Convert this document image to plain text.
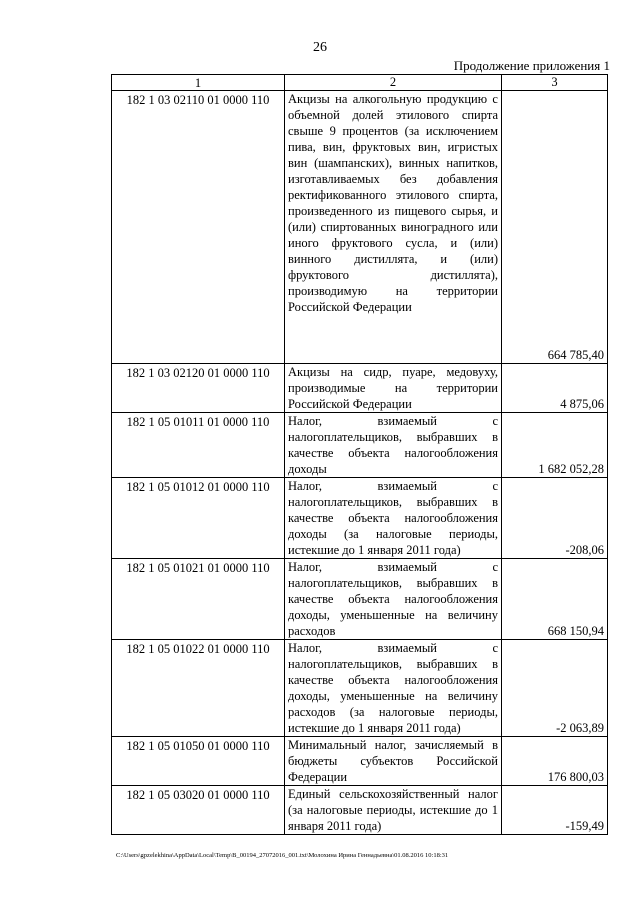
26
Продолжение приложения 1
1	2	3
182 1 03 02110 01 0000 110	Акцизы на алкогольную продукцию с объемной долей этилового спирта свыше 9 процентов (за исключением пива, вин, фруктовых вин, игристых вин (шампанских), винных напитков, изготавливаемых без добавления ректификованного этилового спирта, произведенного из пищевого сырья, и (или) спиртованных виноградного или иного фруктового сусла, и (или) винного дистиллята, и (или) фруктового дистиллята), производимую на территории Российской Федерации	664 785,40
182 1 03 02120 01 0000 110	Акцизы на сидр, пуаре, медовуху, производимые на территории Российской Федерации	4 875,06
182 1 05 01011 01 0000 110	Налог, взимаемый с налогоплательщиков, выбравших в качестве объекта налогообложения доходы	1 682 052,28
182 1 05 01012 01 0000 110	Налог, взимаемый с налогоплательщиков, выбравших в качестве объекта налогообложения доходы (за налоговые периоды, истекшие до 1 января 2011 года)	-208,06
182 1 05 01021 01 0000 110	Налог, взимаемый с налогоплательщиков, выбравших в качестве объекта налогообложения доходы, уменьшенные на величину расходов	668 150,94
182 1 05 01022 01 0000 110	Налог, взимаемый с налогоплательщиков, выбравших в качестве объекта налогообложения доходы, уменьшенные на величину расходов (за налоговые периоды, истекшие до 1 января 2011 года)	-2 063,89
182 1 05 01050 01 0000 110	Минимальный налог, зачисляемый в бюджеты субъектов Российской Федерации	176 800,03
182 1 05 03020 01 0000 110	Единый сельскохозяйственный налог (за налоговые периоды, истекшие до 1 января 2011 года)	-159,49
C:\Users\gpzelekhina\AppData\Local\Temp\B_00194_27072016_001.txt\Молохина Ирина Геннадьевна\01.08.2016 10:18:31
